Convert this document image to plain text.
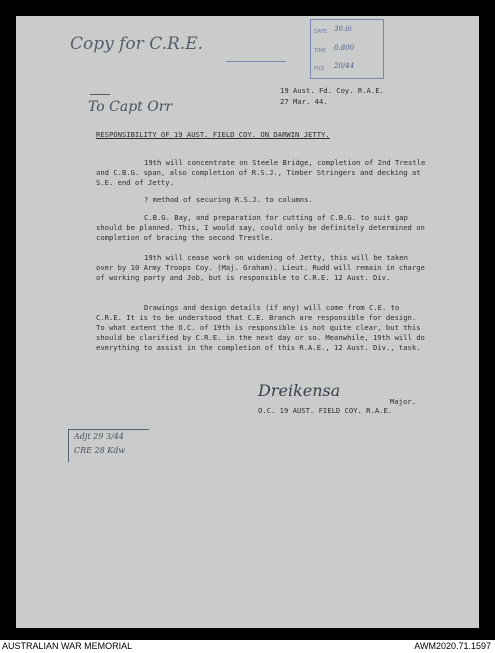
Copy for C.R.E.
DATE 30.iii
TIME 0.800
FILE 20/44
19 Aust. Fd. Coy. R.A.E.
27 Mar. 44.
To Capt Orr
RESPONSIBILITY OF 19 AUST. FIELD COY. ON DARWIN JETTY.
19th will concentrate on Steele Bridge, completion of 2nd Trestle and C.B.G. span, also completion of R.S.J., Timber Stringers and decking at S.E. end of Jetty.
? method of securing R.S.J. to columns.
C.B.G. Bay, and preparation for cutting of C.B.G. to suit gap should be planned. This, I would say, could only be definitely determined on completion of bracing the second Trestle.
19th will cease work on widening of Jetty, this will be taken over by 10 Army Troops Coy. (Maj. Graham). Lieut. Rudd will remain in charge of working party and Job, but is responsible to C.R.E. 12 Aust. Div.
Drawings and design details (if any) will come from C.E. to C.R.E. It is to be understood that C.E. Branch are responsible for design. To what extent the O.C. of 19th is responsible is not quite clear, but this should be clarified by C.R.E. in the next day or so. Meanwhile, 19th will do everything to assist in the completion of this R.A.E., 12 Aust. Div., task.
Dreikensa
Major.
O.C. 19 AUST. FIELD COY. R.A.E.
Adjt 29 3/44
CRE 28 Kdw
AUSTRALIAN WAR MEMORIAL	AWM2020.71.1597
